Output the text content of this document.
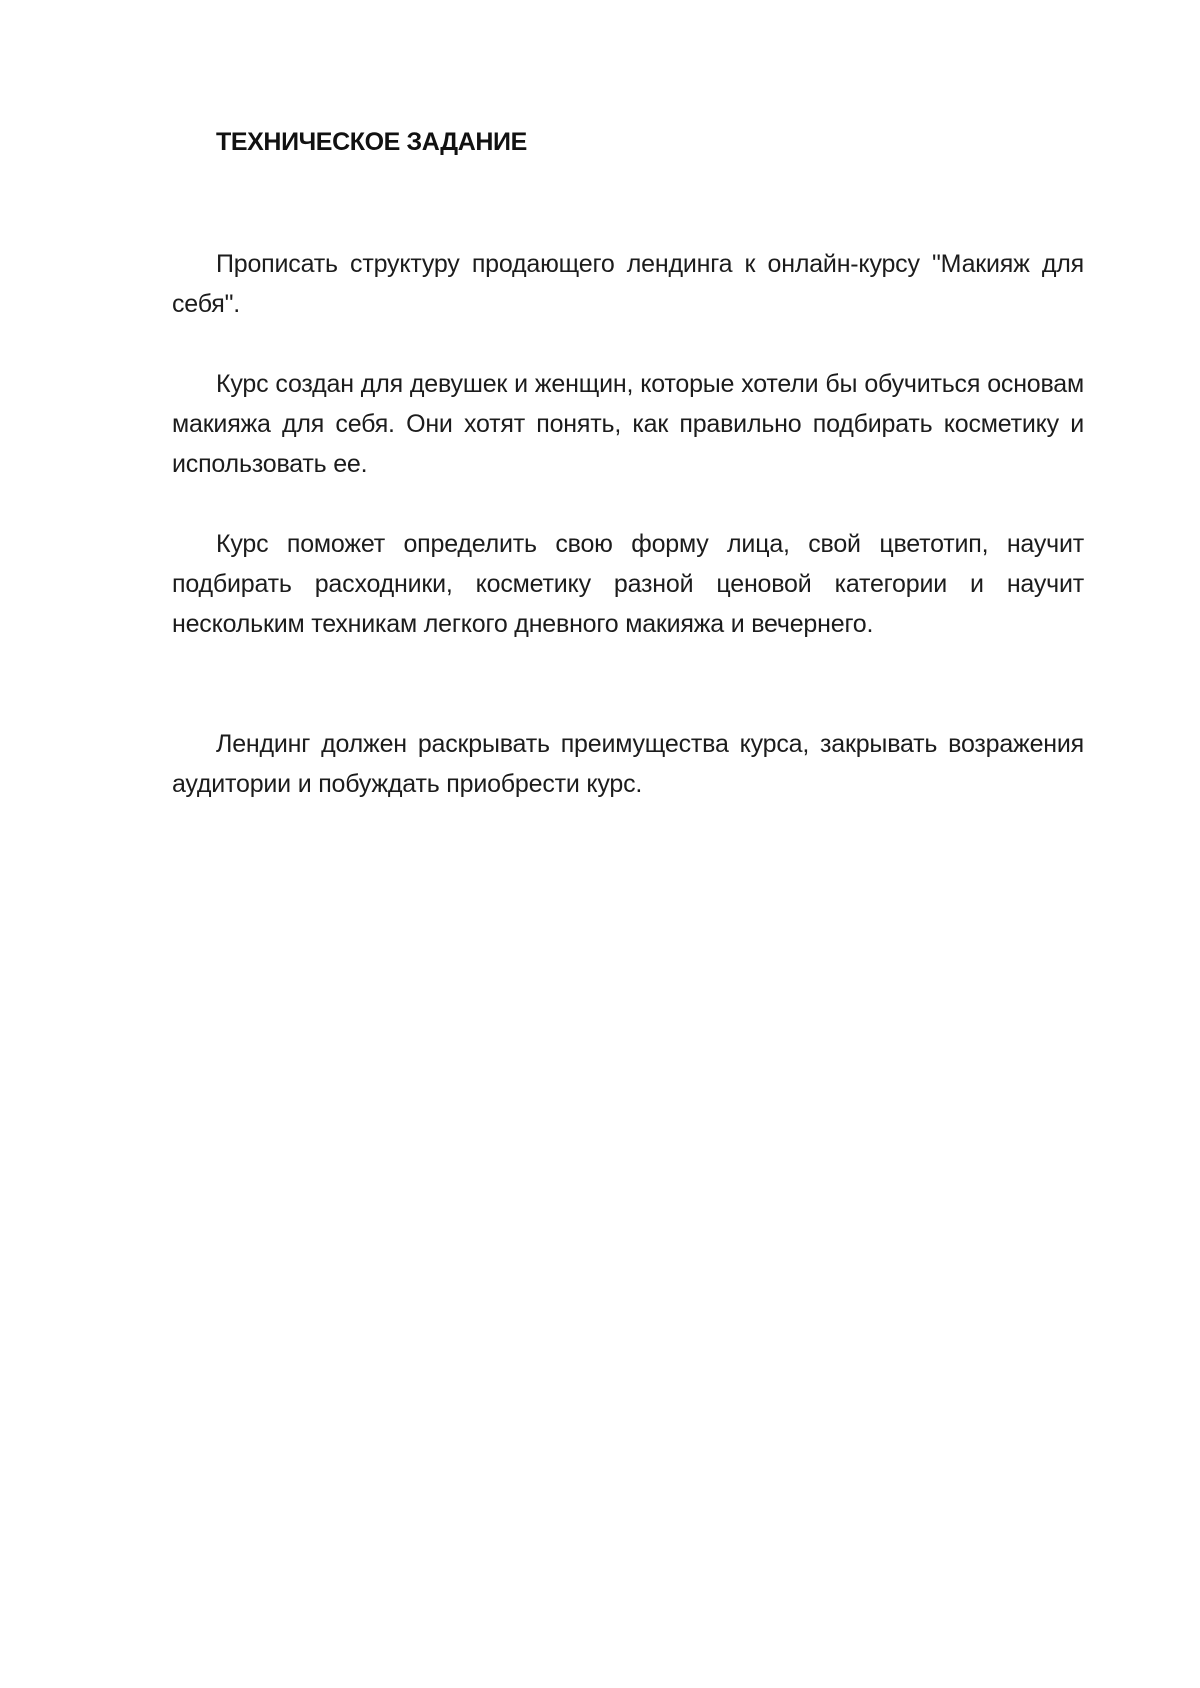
ТЕХНИЧЕСКОЕ ЗАДАНИЕ

Прописать структуру продающего лендинга к онлайн-курсу "Макияж для себя".

Курс создан для девушек и женщин, которые хотели бы обучиться основам макияжа для себя. Они хотят понять, как правильно подбирать косметику и использовать ее.

Курс поможет определить свою форму лица, свой цветотип, научит подбирать расходники, косметику разной ценовой категории и научит нескольким техникам легкого дневного макияжа и вечернего.

Лендинг должен раскрывать преимущества курса, закрывать возражения аудитории и побуждать приобрести курс.
